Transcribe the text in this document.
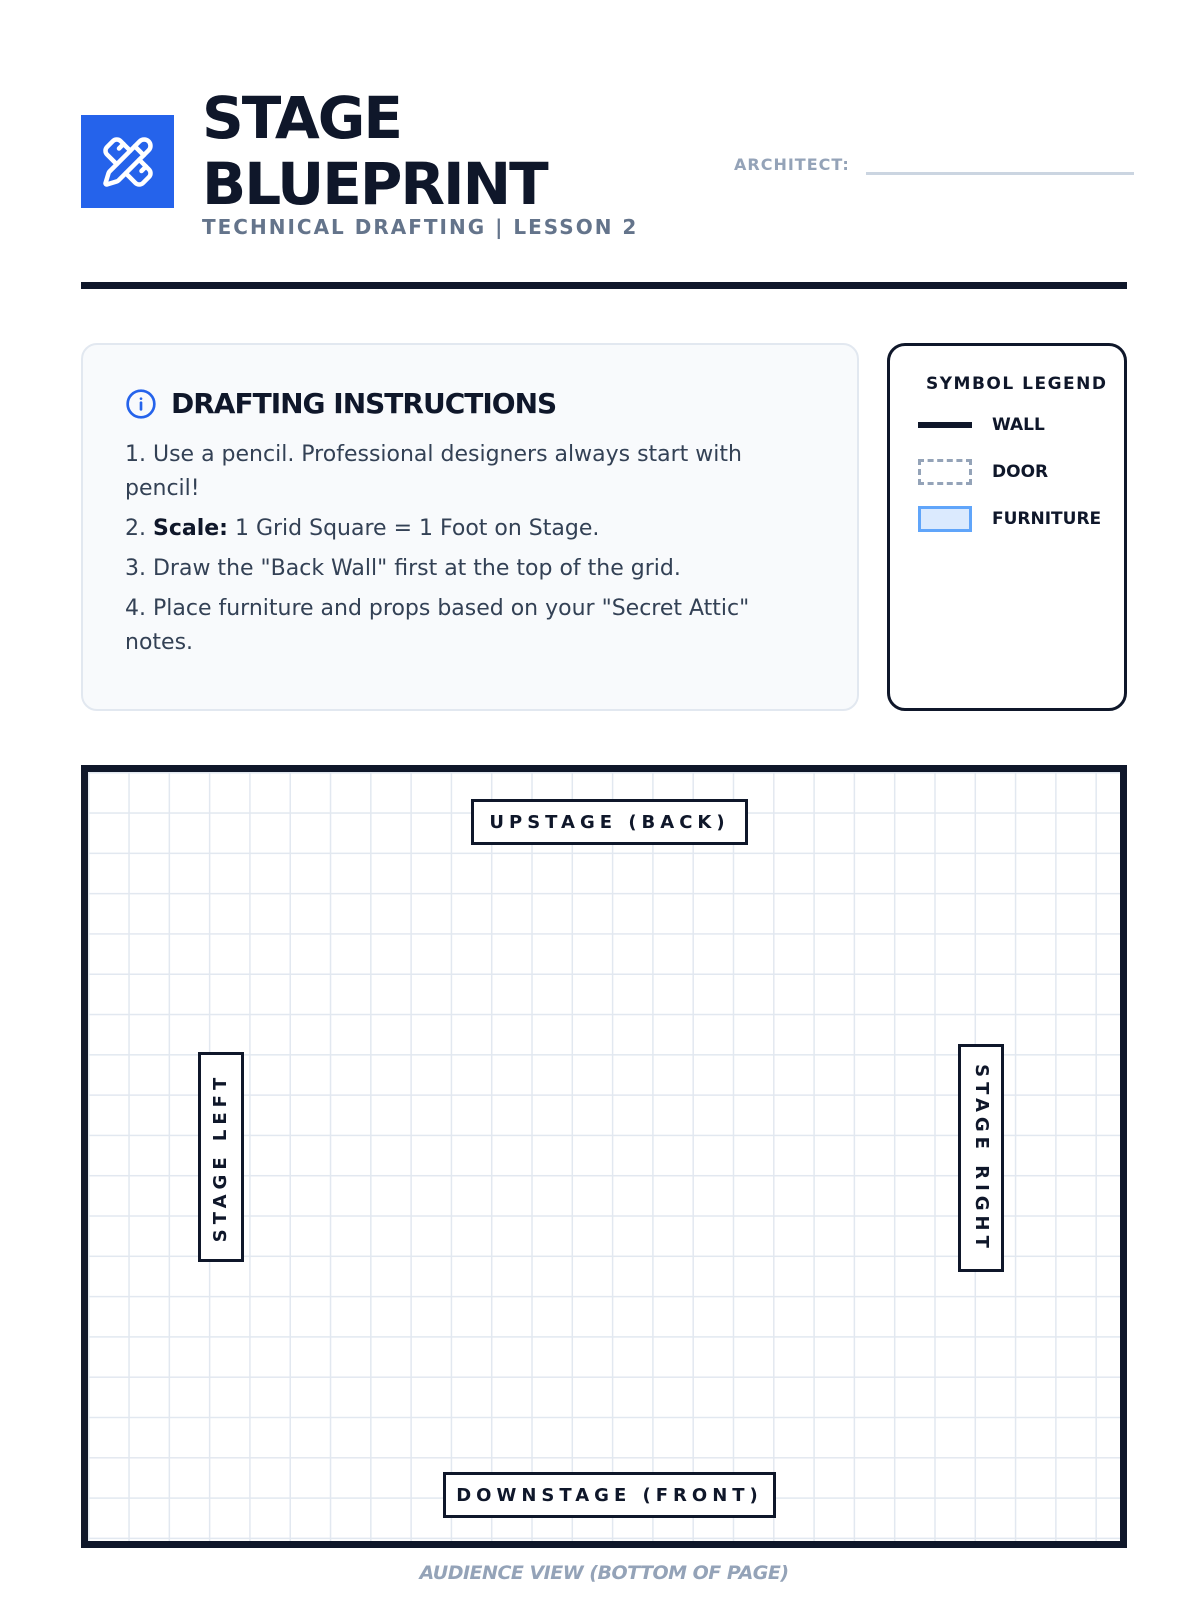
STAGE
BLUEPRINT
TECHNICAL DRAFTING | LESSON 2
ARCHITECT:
DRAFTING INSTRUCTIONS
1. Use a pencil. Professional designers always start with pencil!
2. Scale: 1 Grid Square = 1 Foot on Stage.
3. Draw the "Back Wall" first at the top of the grid.
4. Place furniture and props based on your "Secret Attic" notes.
SYMBOL LEGEND
WALL
DOOR
FURNITURE
UPSTAGE (BACK)
STAGE LEFT	STAGE RIGHT
DOWNSTAGE (FRONT)
AUDIENCE VIEW (BOTTOM OF PAGE)
